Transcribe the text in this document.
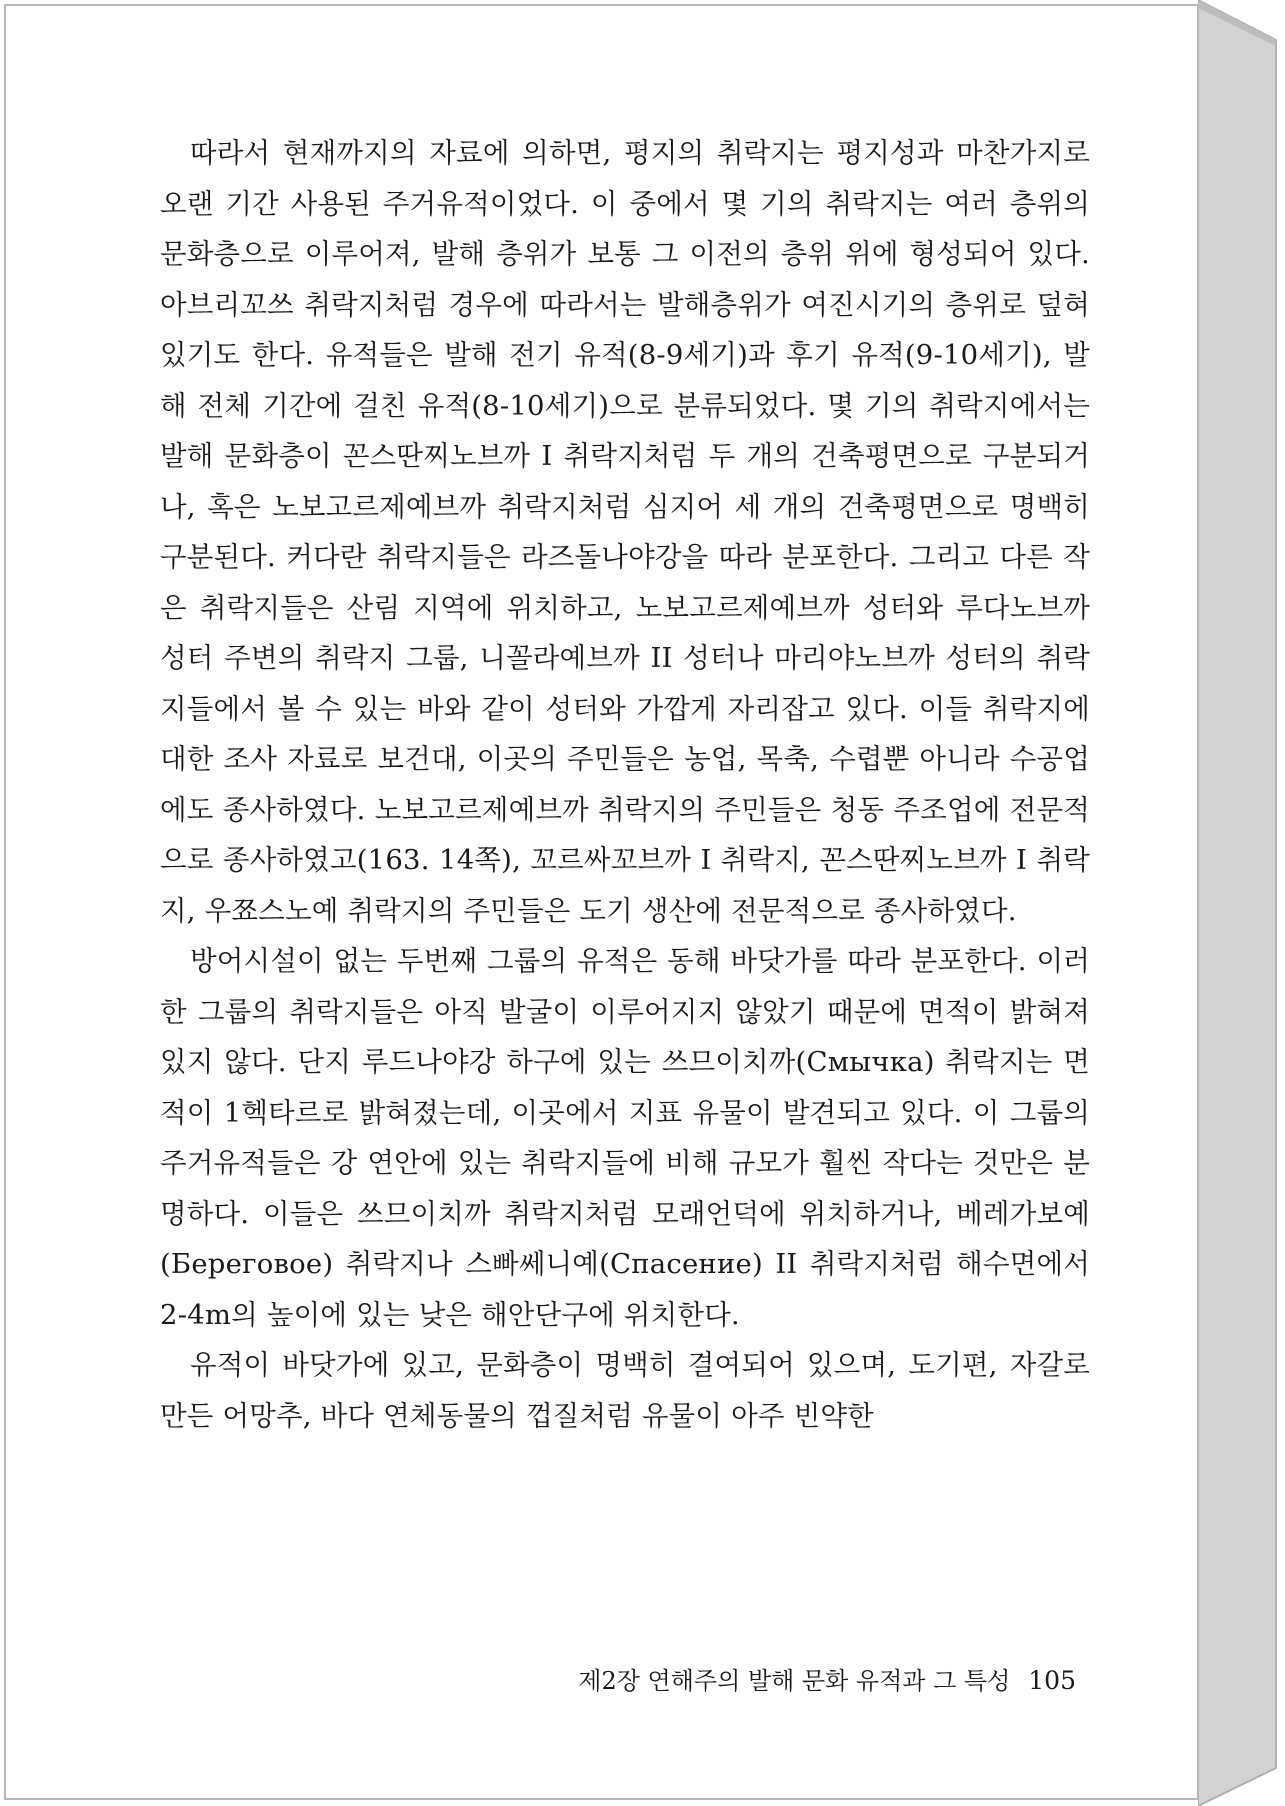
따라서 현재까지의 자료에 의하면, 평지의 취락지는 평지성과 마찬가지로 오랜 기간 사용된 주거유적이었다. 이 중에서 몇 기의 취락지는 여러 층위의 문화층으로 이루어져, 발해 층위가 보통 그 이전의 층위 위에 형성되어 있다. 아브리꼬쓰 취락지처럼 경우에 따라서는 발해층위가 여진시기의 층위로 덮혀 있기도 한다. 유적들은 발해 전기 유적(8-9세기)과 후기 유적(9-10세기), 발해 전체 기간에 걸친 유적(8-10세기)으로 분류되었다. 몇 기의 취락지에서는 발해 문화층이 꼰스딴찌노브까 I 취락지처럼 두 개의 건축평면으로 구분되거나, 혹은 노보고르제예브까 취락지처럼 심지어 세 개의 건축평면으로 명백히 구분된다. 커다란 취락지들은 라즈돌나야강을 따라 분포한다. 그리고 다른 작은 취락지들은 산림 지역에 위치하고, 노보고르제예브까 성터와 루다노브까 성터 주변의 취락지 그룹, 니꼴라예브까 II 성터나 마리야노브까 성터의 취락지들에서 볼 수 있는 바와 같이 성터와 가깝게 자리잡고 있다. 이들 취락지에 대한 조사 자료로 보건대, 이곳의 주민들은 농업, 목축, 수렵뿐 아니라 수공업에도 종사하였다. 노보고르제예브까 취락지의 주민들은 청동 주조업에 전문적으로 종사하였고(163. 14쪽), 꼬르싸꼬브까 I 취락지, 꼰스딴찌노브까 I 취락지, 우쬬스노예 취락지의 주민들은 도기 생산에 전문적으로 종사하였다.

방어시설이 없는 두번째 그룹의 유적은 동해 바닷가를 따라 분포한다. 이러한 그룹의 취락지들은 아직 발굴이 이루어지지 않았기 때문에 면적이 밝혀져 있지 않다. 단지 루드나야강 하구에 있는 쓰므이치까(Смычка) 취락지는 면적이 1헥타르로 밝혀졌는데, 이곳에서 지표 유물이 발견되고 있다. 이 그룹의 주거유적들은 강 연안에 있는 취락지들에 비해 규모가 훨씬 작다는 것만은 분명하다. 이들은 쓰므이치까 취락지처럼 모래언덕에 위치하거나, 베레가보예(Береговое) 취락지나 스빠쎄니예(Спасение) II 취락지처럼 해수면에서 2-4m의 높이에 있는 낮은 해안단구에 위치한다.

유적이 바닷가에 있고, 문화층이 명백히 결여되어 있으며, 도기편, 자갈로 만든 어망추, 바다 연체동물의 껍질처럼 유물이 아주 빈약한

제2장 연해주의 발해 문화 유적과 그 특성 105
